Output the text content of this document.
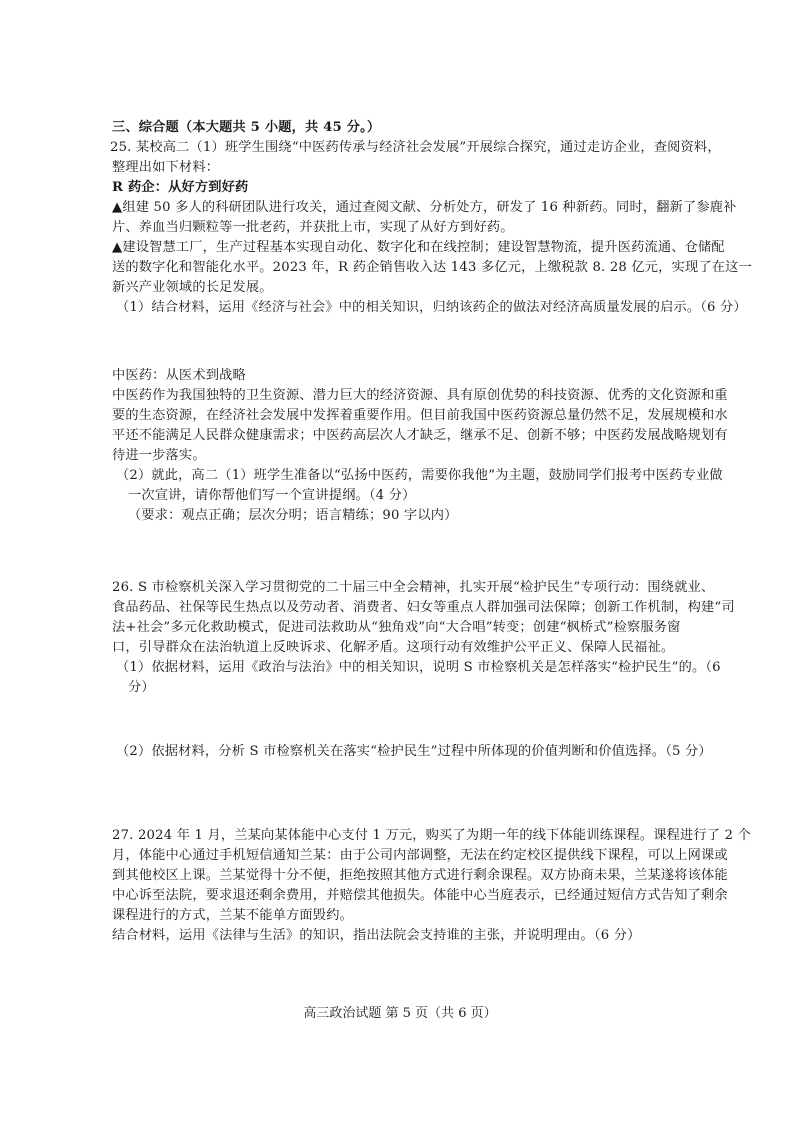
三、综合题（本大题共 5 小题，共 45 分。）
25. 某校高二（1）班学生围绕“中医药传承与经济社会发展”开展综合探究，通过走访企业，查阅资料，
整理出如下材料：
R 药企：从好方到好药
▲组建 50 多人的科研团队进行攻关，通过查阅文献、分析处方，研发了 16 种新药。同时，翻新了参鹿补
片、养血当归颗粒等一批老药，并获批上市，实现了从好方到好药。
▲建设智慧工厂，生产过程基本实现自动化、数字化和在线控制；建设智慧物流，提升医药流通、仓储配
送的数字化和智能化水平。2023 年，R 药企销售收入达 143 多亿元，上缴税款 8. 28 亿元，实现了在这一
新兴产业领域的长足发展。
（1）结合材料，运用《经济与社会》中的相关知识，归纳该药企的做法对经济高质量发展的启示。（6 分）
中医药：从医术到战略
中医药作为我国独特的卫生资源、潜力巨大的经济资源、具有原创优势的科技资源、优秀的文化资源和重
要的生态资源，在经济社会发展中发挥着重要作用。但目前我国中医药资源总量仍然不足，发展规模和水
平还不能满足人民群众健康需求；中医药高层次人才缺乏，继承不足、创新不够；中医药发展战略规划有
待进一步落实。
（2）就此，高二（1）班学生准备以“弘扬中医药，需要你我他”为主题，鼓励同学们报考中医药专业做
一次宣讲，请你帮他们写一个宣讲提纲。（4 分）
（要求：观点正确；层次分明；语言精练；90 字以内）
26. S 市检察机关深入学习贯彻党的二十届三中全会精神，扎实开展“检护民生”专项行动：围绕就业、
食品药品、社保等民生热点以及劳动者、消费者、妇女等重点人群加强司法保障；创新工作机制，构建“司
法+社会”多元化救助模式，促进司法救助从“独角戏”向“大合唱”转变；创建“枫桥式”检察服务窗
口，引导群众在法治轨道上反映诉求、化解矛盾。这项行动有效维护公平正义、保障人民福祉。
（1）依据材料，运用《政治与法治》中的相关知识，说明 S 市检察机关是怎样落实“检护民生”的。（6
分）
（2）依据材料，分析 S 市检察机关在落实“检护民生”过程中所体现的价值判断和价值选择。（5 分）
27. 2024 年 1 月，兰某向某体能中心支付 1 万元，购买了为期一年的线下体能训练课程。课程进行了 2 个
月，体能中心通过手机短信通知兰某：由于公司内部调整，无法在约定校区提供线下课程，可以上网课或
到其他校区上课。兰某觉得十分不便，拒绝按照其他方式进行剩余课程。双方协商未果，兰某遂将该体能
中心诉至法院，要求退还剩余费用，并赔偿其他损失。体能中心当庭表示，已经通过短信方式告知了剩余
课程进行的方式，兰某不能单方面毁约。
结合材料，运用《法律与生活》的知识，指出法院会支持谁的主张，并说明理由。（6 分）
高三政治试题 第 5 页（共 6 页）
